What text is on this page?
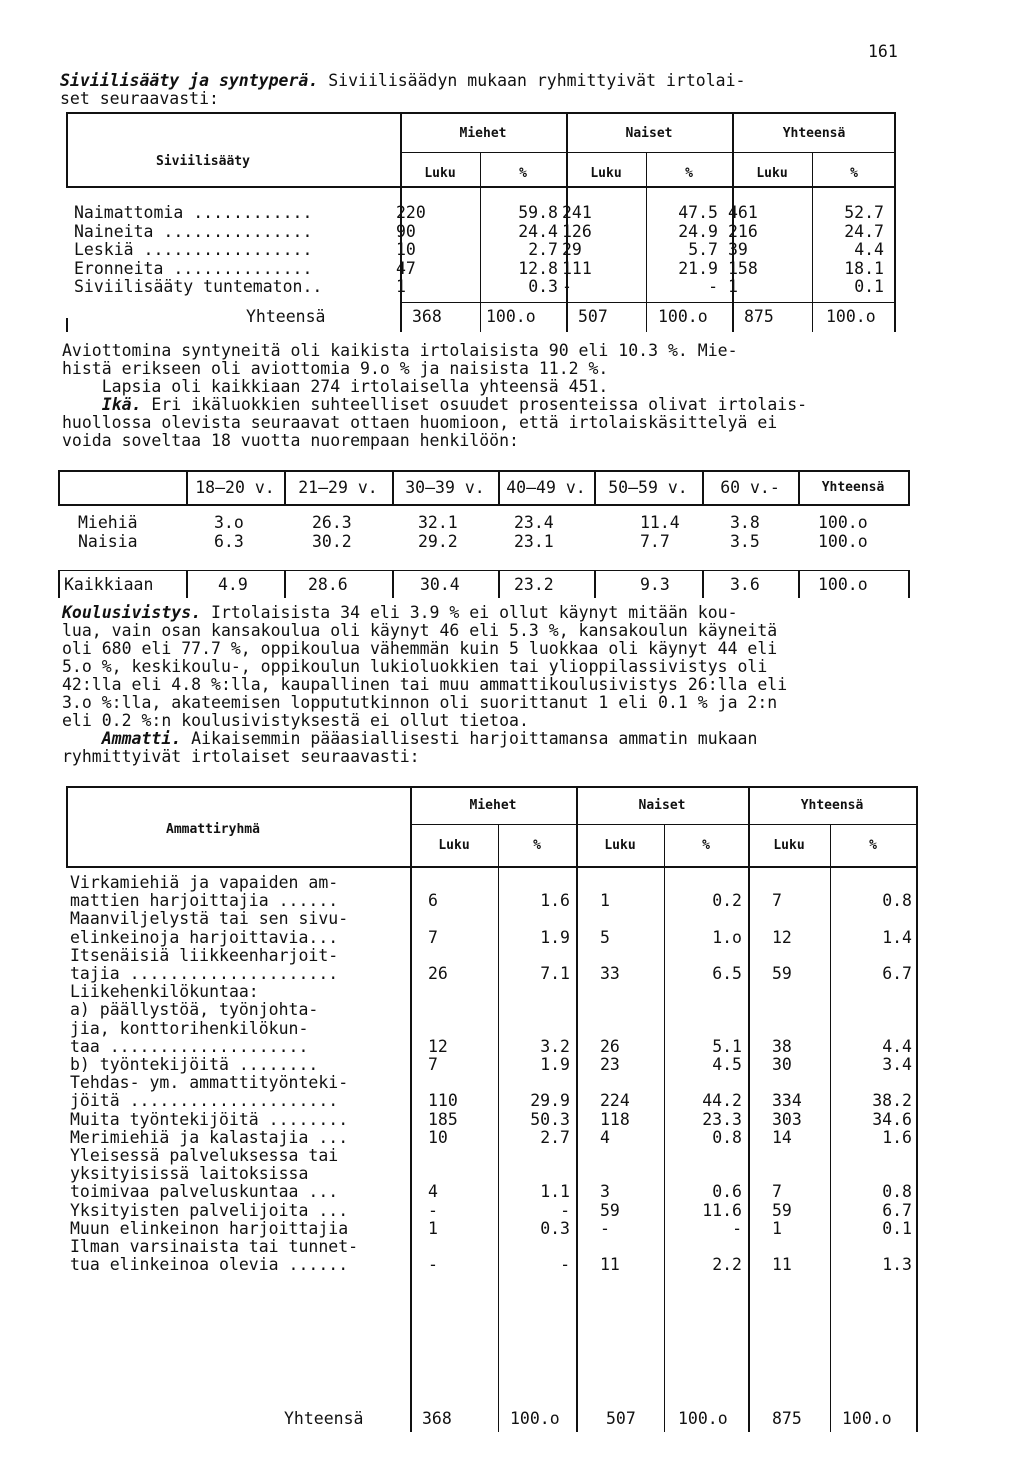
161
Siviilisääty ja syntyperä. Siviilisäädyn mukaan ryhmittyivät irtolai-
set seuraavasti:
Siviilisääty
Miehet	Naiset	Yhteensä
Luku	%	Luku	%	Luku	%
Yhteensä	368	100.o	507	100.o 875	100.o
Naimattomia ............	220	59.8 241	47.5 461	52.7
Naineita ...............	90	24.4 126	24.9 216	24.7
Leskiä .................	10	2.7 29	5.7 39	4.4
Eronneita ..............	47	12.8 111	21.9 158	18.1
Siviilisääty tuntematon..	1	0.3 -	- 1	0.1
Aviottomina syntyneitä oli kaikista irtolaisista 90 eli 10.3 %. Mie-
histä erikseen oli aviottomia 9.o % ja naisista 11.2 %.
Lapsia oli kaikkiaan 274 irtolaisella yhteensä 451.
Ikä. Eri ikäluokkien suhteelliset osuudet prosenteissa olivat irtolais-
huollossa olevista seuraavat ottaen huomioon, että irtolaiskäsittelyä ei
voida soveltaa 18 vuotta nuorempaan henkilöön:
18–20 v.	21–29 v.	30–39 v.	40–49 v.	50–59 v.	60 v.-	Yhteensä
Kaikkiaan	4.9	28.6	30.4	23.2	9.3	3.6	100.o
Miehiä	3.o	26.3	32.1	23.4	11.4	3.8	100.o
Naisia	6.3	30.2	29.2	23.1	7.7	3.5	100.o
Koulusivistys. Irtolaisista 34 eli 3.9 % ei ollut käynyt mitään kou-
lua, vain osan kansakoulua oli käynyt 46 eli 5.3 %, kansakoulun käyneitä
oli 680 eli 77.7 %, oppikoulua vähemmän kuin 5 luokkaa oli käynyt 44 eli
5.o %, keskikoulu-, oppikoulun lukioluokkien tai ylioppilassivistys oli
42:lla eli 4.8 %:lla, kaupallinen tai muu ammattikoulusivistys 26:lla eli
3.o %:lla, akateemisen loppututkinnon oli suorittanut 1 eli 0.1 % ja 2:n
eli 0.2 %:n koulusivistyksestä ei ollut tietoa.
Ammatti. Aikaisemmin pääasiallisesti harjoittamansa ammatin mukaan
ryhmittyivät irtolaiset seuraavasti:
Ammattiryhmä
Miehet	Naiset	Yhteensä
Luku	%	Luku	%	Luku	%
Yhteensä	368	100.o	507	100.o	875 100.o
Virkamiehiä ja vapaiden am-
mattien harjoittajia ......	6	1.6 1	0.2 7	0.8
Maanviljelystä tai sen sivu-
elinkeinoja harjoittavia...	7	1.9 5	1.o 12	1.4
Itsenäisiä liikkeenharjoit-
tajia .....................	26	7.1 33	6.5 59	6.7
Liikehenkilökuntaa:
a) päällystöä, työnjohta-
jia, konttorihenkilökun-
taa ....................	12	3.2 26	5.1 38	4.4
b) työntekijöitä ........	7	1.9 23	4.5 30	3.4
Tehdas- ym. ammattityönteki-
jöitä .....................	110	29.9 224	44.2 334	38.2
Muita työntekijöitä ........	185	50.3 118	23.3 303	34.6
Merimiehiä ja kalastajia ...	10	2.7 4	0.8 14	1.6
Yleisessä palveluksessa tai
yksityisissä laitoksissa
toimivaa palveluskuntaa ...	4	1.1 3	0.6 7	0.8
Yksityisten palvelijoita ...	-	- 59	11.6 59	6.7
Muun elinkeinon harjoittajia	1	0.3 -	- 1	0.1
Ilman varsinaista tai tunnet-
tua elinkeinoa olevia ......	-	- 11	2.2 11	1.3
